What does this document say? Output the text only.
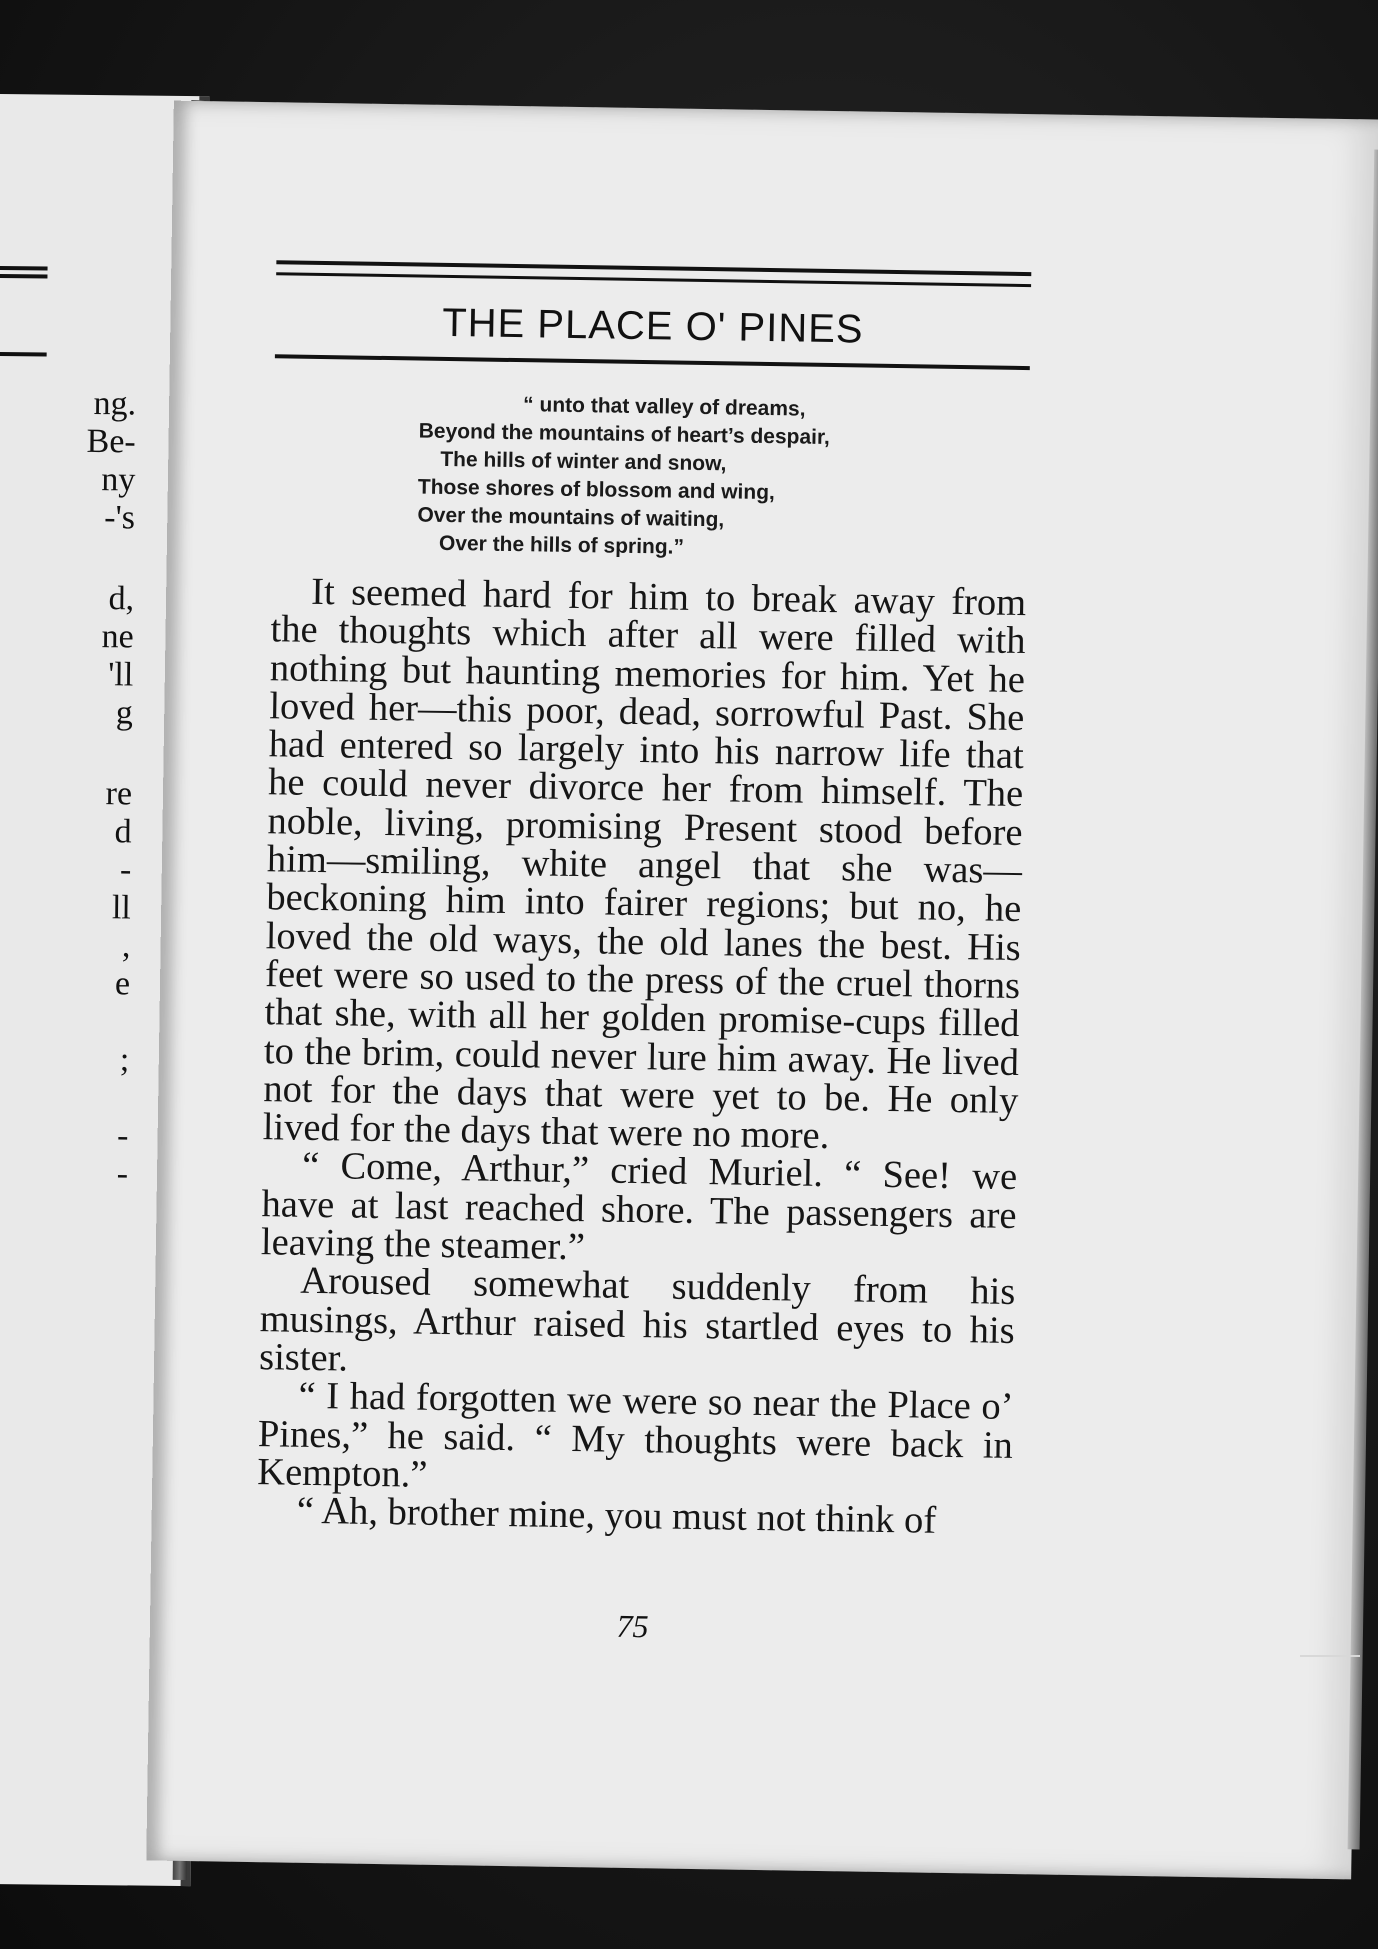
ng.
Be-
ny
-'s
d,
ne
'll
g
re
d
-
ll
,
e
;
-
-
THE PLACE O' PINES
“ unto that valley of dreams,
Beyond the mountains of heart’s despair,
The hills of winter and snow,
Those shores of blossom and wing,
Over the mountains of waiting,
Over the hills of spring.”

It seemed hard for him to break away from the thoughts which after all were filled with nothing but haunting memories for him. Yet he loved her—this poor, dead, sorrowful Past. She had entered so largely into his narrow life that he could never divorce her from himself. The noble, living, promising Present stood before him—smiling, white angel that she was—beckoning him into fairer regions; but no, he loved the old ways, the old lanes the best. His feet were so used to the press of the cruel thorns that she, with all her golden promise-cups filled to the brim, could never lure him away. He lived not for the days that were yet to be. He only lived for the days that were no more.

“ Come, Arthur,” cried Muriel. “ See! we have at last reached shore. The passengers are leaving the steamer.”

Aroused somewhat suddenly from his musings, Arthur raised his startled eyes to his sister.

“ I had forgotten we were so near the Place o’ Pines,” he said. “ My thoughts were back in Kempton.”

“ Ah, brother mine, you must not think of

75
